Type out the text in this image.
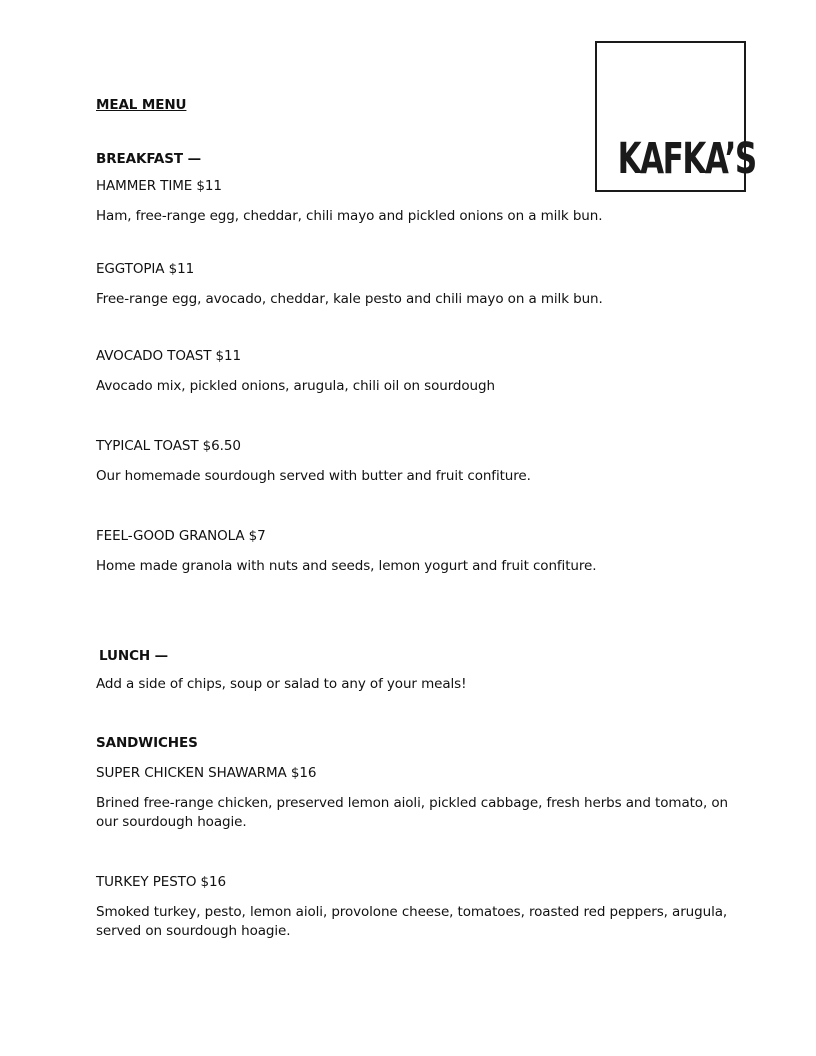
KAFKA’S
MEAL MENU
BREAKFAST —
HAMMER TIME $11
Ham, free-range egg, cheddar, chili mayo and pickled onions on a milk bun.
EGGTOPIA $11
Free-range egg, avocado, cheddar, kale pesto and chili mayo on a milk bun.
AVOCADO TOAST $11
Avocado mix, pickled onions, arugula, chili oil on sourdough
TYPICAL TOAST $6.50
Our homemade sourdough served with butter and fruit confiture.
FEEL-GOOD GRANOLA $7
Home made granola with nuts and seeds, lemon yogurt and fruit confiture.
LUNCH —
Add a side of chips, soup or salad to any of your meals!
SANDWICHES
SUPER CHICKEN SHAWARMA $16
Brined free-range chicken, preserved lemon aioli, pickled cabbage, fresh herbs and tomato, on our sourdough hoagie.
TURKEY PESTO $16
Smoked turkey, pesto, lemon aioli, provolone cheese, tomatoes, roasted red peppers, arugula, served on sourdough hoagie.
